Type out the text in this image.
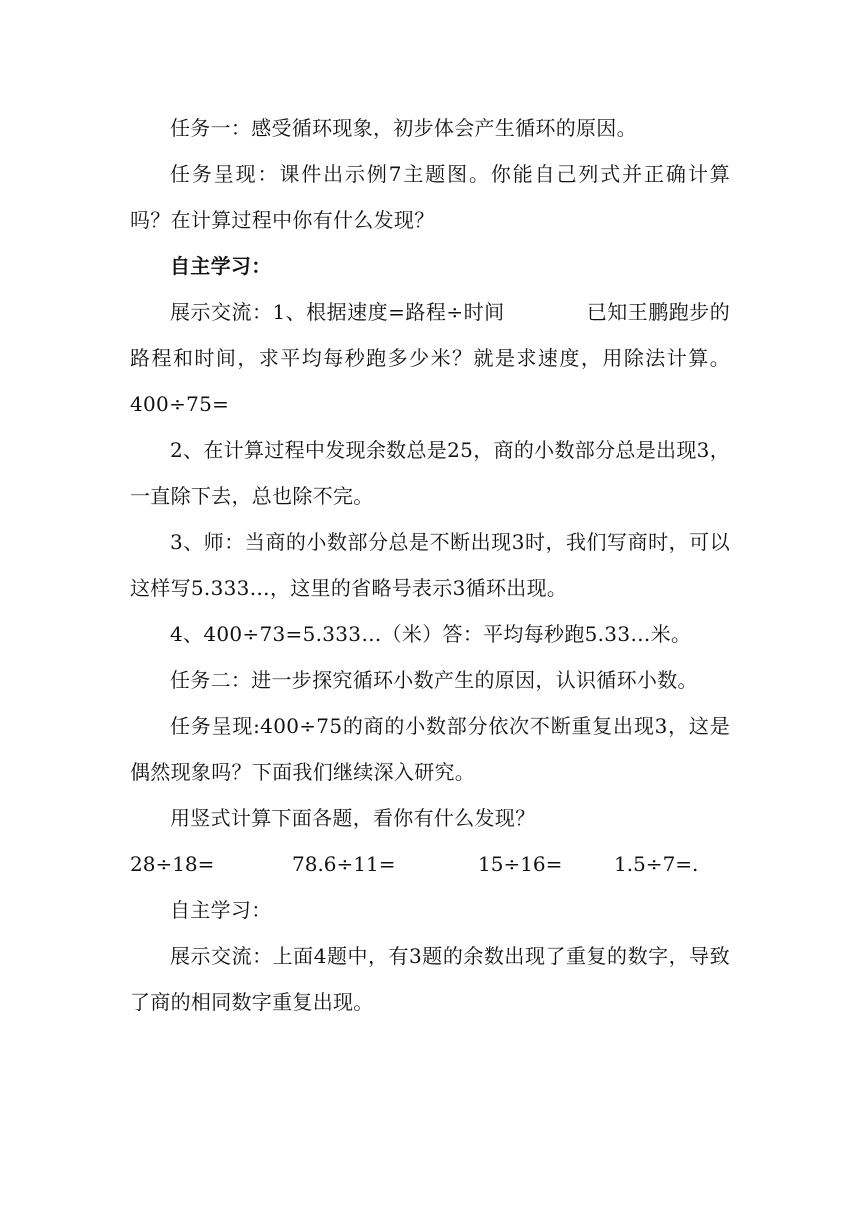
任务一：感受循环现象，初步体会产生循环的原因。

任务呈现：课件出示例7主题图。你能自己列式并正确计算吗？在计算过程中你有什么发现？

自主学习：

展示交流：1、根据速度=路程÷时间	已知王鹏跑步的路程和时间，求平均每秒跑多少米？就是求速度，用除法计算。400÷75=

2、在计算过程中发现余数总是25，商的小数部分总是出现3，一直除下去，总也除不完。

3、师：当商的小数部分总是不断出现3时，我们写商时，可以这样写5.333…，这里的省略号表示3循环出现。

4、400÷73=5.333…（米）答：平均每秒跑5.33…米。

任务二：进一步探究循环小数产生的原因，认识循环小数。

任务呈现:400÷75的商的小数部分依次不断重复出现3，这是偶然现象吗？下面我们继续深入研究。

用竖式计算下面各题，看你有什么发现？

28÷18=	78.6÷11=	15÷16=	1.5÷7=.

自主学习：

展示交流：上面4题中，有3题的余数出现了重复的数字，导致了商的相同数字重复出现。
